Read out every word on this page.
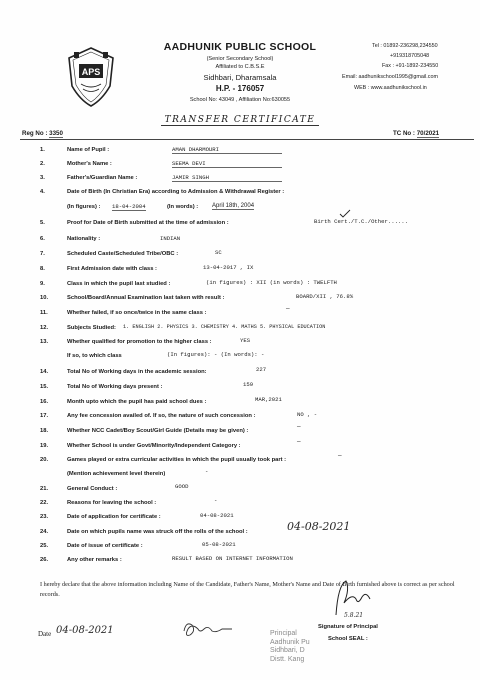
APS
AADHUNIK PUBLIC SCHOOL
(Senior Secondary School)
Affiliated to C.B.S.E
Sidhbari, Dharamsala
H.P. - 176057
School No: 43049 , Affiliation No:630055
Tel : 01892-236298,234550
+919318705048
Fax : +91-1892-234550
Email: aadhunikschool1995@gmail.com
WEB : www.aadhunikschool.in
TRANSFER CERTIFICATE
Reg No : 3350	TC No : 70/2021
1.	Name of Pupil :	AMAN DHARMOURI
2.	Mother's Name :	SEEMA DEVI
3.	Father's/Guardian Name :	JAMIR SINGH
4.	Date of Birth (In Christian Era) according to Admission & Withdrawal Register :
(In figures) : 18-04-2004	(In words) : April 18th, 2004
5.	Proof for Date of Birth submitted at the time of admission :	Birth Cert./T.C./Other......
6.	Nationality :	INDIAN
7.	Scheduled Caste/Scheduled Tribe/OBC :	SC
8.	First Admission date with class :	13-04-2017 , IX
9.	Class in which the pupil last studied :	(in figures) : XII (in words) : TWELFTH
10.	School/Board/Annual Examination last taken with result :	BOARD/XII , 76.8%
11.	Whether failed, if so once/twice in the same class :
—
12.	Subjects Studied: 1. ENGLISH 2. PHYSICS 3. CHEMISTRY 4. MATHS 5. PHYSICAL EDUCATION
13.	Whether qualified for promotion to the higher class :	YES
If so, to which class	(In figures): - (In words): -
14.	Total No of Working days in the academic session:	227
15.	Total No of Working days present :	159
16.	Month upto which the pupil has paid school dues :	MAR,2021
17.	Any fee concession availed of. If so, the nature of such concession :	NO , -
18.	Whether NCC Cadet/Boy Scout/Girl Guide (Details may be given) :
—
19.	Whether School is under Govt/Minority/Independent Category :
—
20.	Games played or extra curricular activities in which the pupil usually took part :
—
(Mention achievement level therein)	-
21.	General Conduct :	GOOD
22.	Reasons for leaving the school :	-
23.	Date of application for certificate :	04-08-2021
24.	Date on which pupils name was struck off the rolls of the school :	04-08-2021
25.	Date of issue of certificate :	05-08-2021
26.	Any other remarks :	RESULT BASED ON INTERNET INFORMATION
I hereby declare that the above information including Name of the Candidate, Father's Name, Mother's Name and Date of Birth furnished above is correct as per school records.
Date 04-08-2021
5.8.21
Signature of Principal
School SEAL :
Principal
Aadhunik Pu
Sidhbari, D
Distt. Kang
